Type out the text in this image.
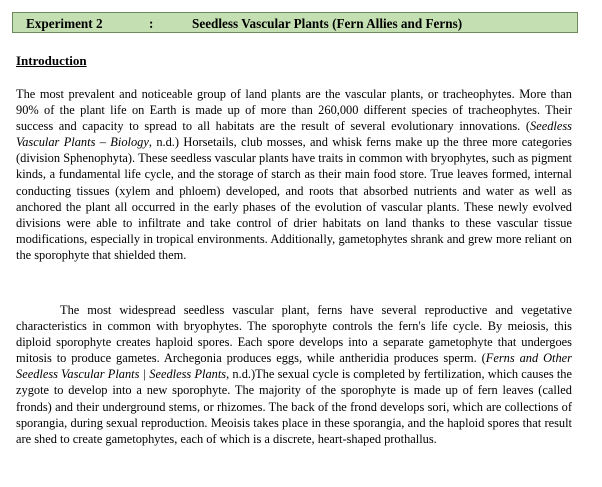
Experiment 2	:	Seedless Vascular Plants (Fern Allies and Ferns)
Introduction

The most prevalent and noticeable group of land plants are the vascular plants, or tracheophytes. More than 90% of the plant life on Earth is made up of more than 260,000 different species of tracheophytes. Their success and capacity to spread to all habitats are the result of several evolutionary innovations. (Seedless Vascular Plants – Biology, n.d.) Horsetails, club mosses, and whisk ferns make up the three more categories (division Sphenophyta). These seedless vascular plants have traits in common with bryophytes, such as pigment kinds, a fundamental life cycle, and the storage of starch as their main food store. True leaves formed, internal conducting tissues (xylem and phloem) developed, and roots that absorbed nutrients and water as well as anchored the plant all occurred in the early phases of the evolution of vascular plants. These newly evolved divisions were able to infiltrate and take control of drier habitats on land thanks to these vascular tissue modifications, especially in tropical environments. Additionally, gametophytes shrank and grew more reliant on the sporophyte that shielded them.

The most widespread seedless vascular plant, ferns have several reproductive and vegetative characteristics in common with bryophytes. The sporophyte controls the fern's life cycle. By meiosis, this diploid sporophyte creates haploid spores. Each spore develops into a separate gametophyte that undergoes mitosis to produce gametes. Archegonia produces eggs, while antheridia produces sperm. (Ferns and Other Seedless Vascular Plants | Seedless Plants, n.d.)The sexual cycle is completed by fertilization, which causes the zygote to develop into a new sporophyte. The majority of the sporophyte is made up of fern leaves (called fronds) and their underground stems, or rhizomes. The back of the frond develops sori, which are collections of sporangia, during sexual reproduction. Meoisis takes place in these sporangia, and the haploid spores that result are shed to create gametophytes, each of which is a discrete, heart-shaped prothallus.
